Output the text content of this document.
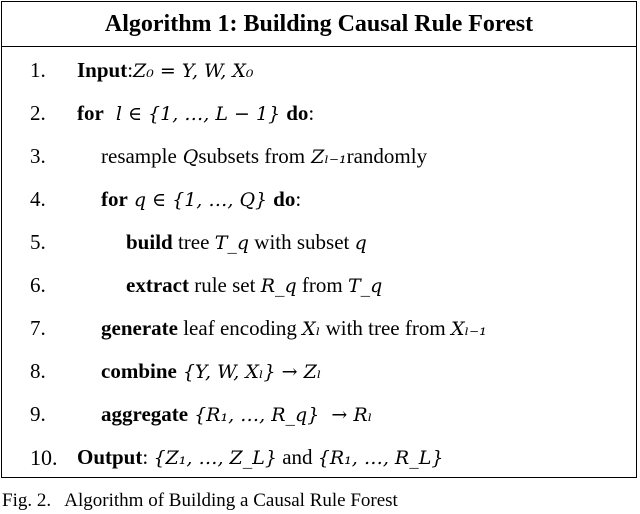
Algorithm 1: Building Causal Rule Forest
1. Input : Z₀ = Y, W, X₀
2. for l ∈ {1, …, L − 1} do :
3.	resample Q subsets from Zₗ₋₁ randomly
4.	for q ∈ {1, …, Q} do :
5.	build tree T_q with subset q
6.	extract rule set R_q from T_q
7.	generate leaf encoding Xₗ with tree from Xₗ₋₁
8.	combine {Y, W, Xₗ} → Zₗ
9.	aggregate {R₁, …, R_q}  → Rₗ
10. Output : {Z₁, …, Z_L} and {R₁, …, R_L}
Fig. 2.   Algorithm of Building a Causal Rule Forest
